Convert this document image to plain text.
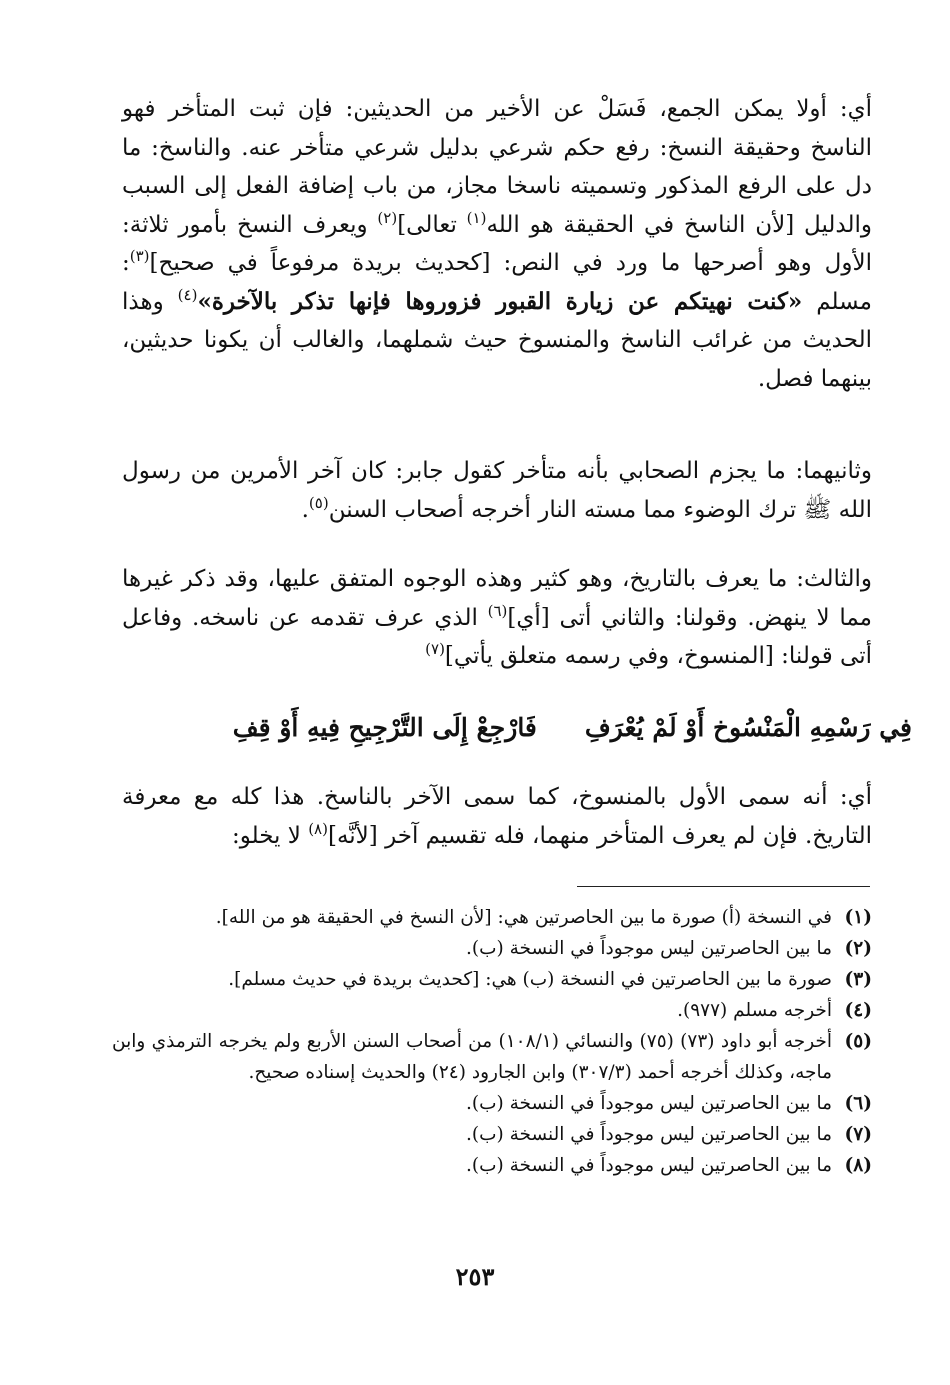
أي: أولا يمكن الجمع، فَسَلْ عن الأخير من الحديثين: فإن ثبت المتأخر فهو الناسخ وحقيقة النسخ: رفع حكم شرعي بدليل شرعي متأخر عنه. والناسخ: ما دل على الرفع المذكور وتسميته ناسخا مجاز، من باب إضافة الفعل إلى السبب والدليل [لأن الناسخ في الحقيقة هو الله$^{(١)}$ تعالى]$^{(٢)}$ ويعرف النسخ بأمور ثلاثة: الأول وهو أصرحها ما ورد في النص: [كحديث بريدة مرفوعاً في صحيح]$^{(٣)}$: مسلم «كنت نهيتكم عن زيارة القبور فزوروها فإنها تذكر بالآخرة»$^{(٤)}$ وهذا الحديث من غرائب الناسخ والمنسوخ حيث شملهما، والغالب أن يكونا حديثين، بينهما فصل.
وثانيهما: ما يجزم الصحابي بأنه متأخر كقول جابر: كان آخر الأمرين من رسول الله ﷺ ترك الوضوء مما مسته النار أخرجه أصحاب السنن$^{(٥)}$.
والثالث: ما يعرف بالتاريخ، وهو كثير وهذه الوجوه المتفق عليها، وقد ذكر غيرها مما لا ينهض. وقولنا: والثاني أتى [أي]$^{(٦)}$ الذي عرف تقدمه عن ناسخه. وفاعل أتى قولنا: [المنسوخ، وفي رسمه متعلق يأتي]$^{(٧)}$
فِي رَسْمِهِ الْمَنْسُوخ أَوْ لَمْ يُعْرَفِ
فَارْجِعْ إِلَى التَّرْجِيحِ فِيهِ أَوْ قِفِ
أي: أنه سمى الأول بالمنسوخ، كما سمى الآخر بالناسخ. هذا كله مع معرفة التاريخ. فإن لم يعرف المتأخر منهما، فله تقسيم آخر [لأنَّه]$^{(٨)}$ لا يخلو:
(١)
في النسخة (أ) صورة ما بين الحاصرتين هي: [لأن النسخ في الحقيقة هو من الله].
(٢)
ما بين الحاصرتين ليس موجوداً في النسخة (ب).
(٣)
صورة ما بين الحاصرتين في النسخة (ب) هي: [كحديث بريدة في حديث مسلم].
(٤)
أخرجه مسلم (٩٧٧).
(٥)
أخرجه أبو داود (٧٣) (٧٥) والنسائي (١٠٨/١) من أصحاب السنن الأربع ولم يخرجه الترمذي وابن ماجه، وكذلك أخرجه أحمد (٣٠٧/٣) وابن الجارود (٢٤) والحديث إسناده صحيح.
(٦)
ما بين الحاصرتين ليس موجوداً في النسخة (ب).
(٧)
ما بين الحاصرتين ليس موجوداً في النسخة (ب).
(٨)
ما بين الحاصرتين ليس موجوداً في النسخة (ب).
٢٥٣
